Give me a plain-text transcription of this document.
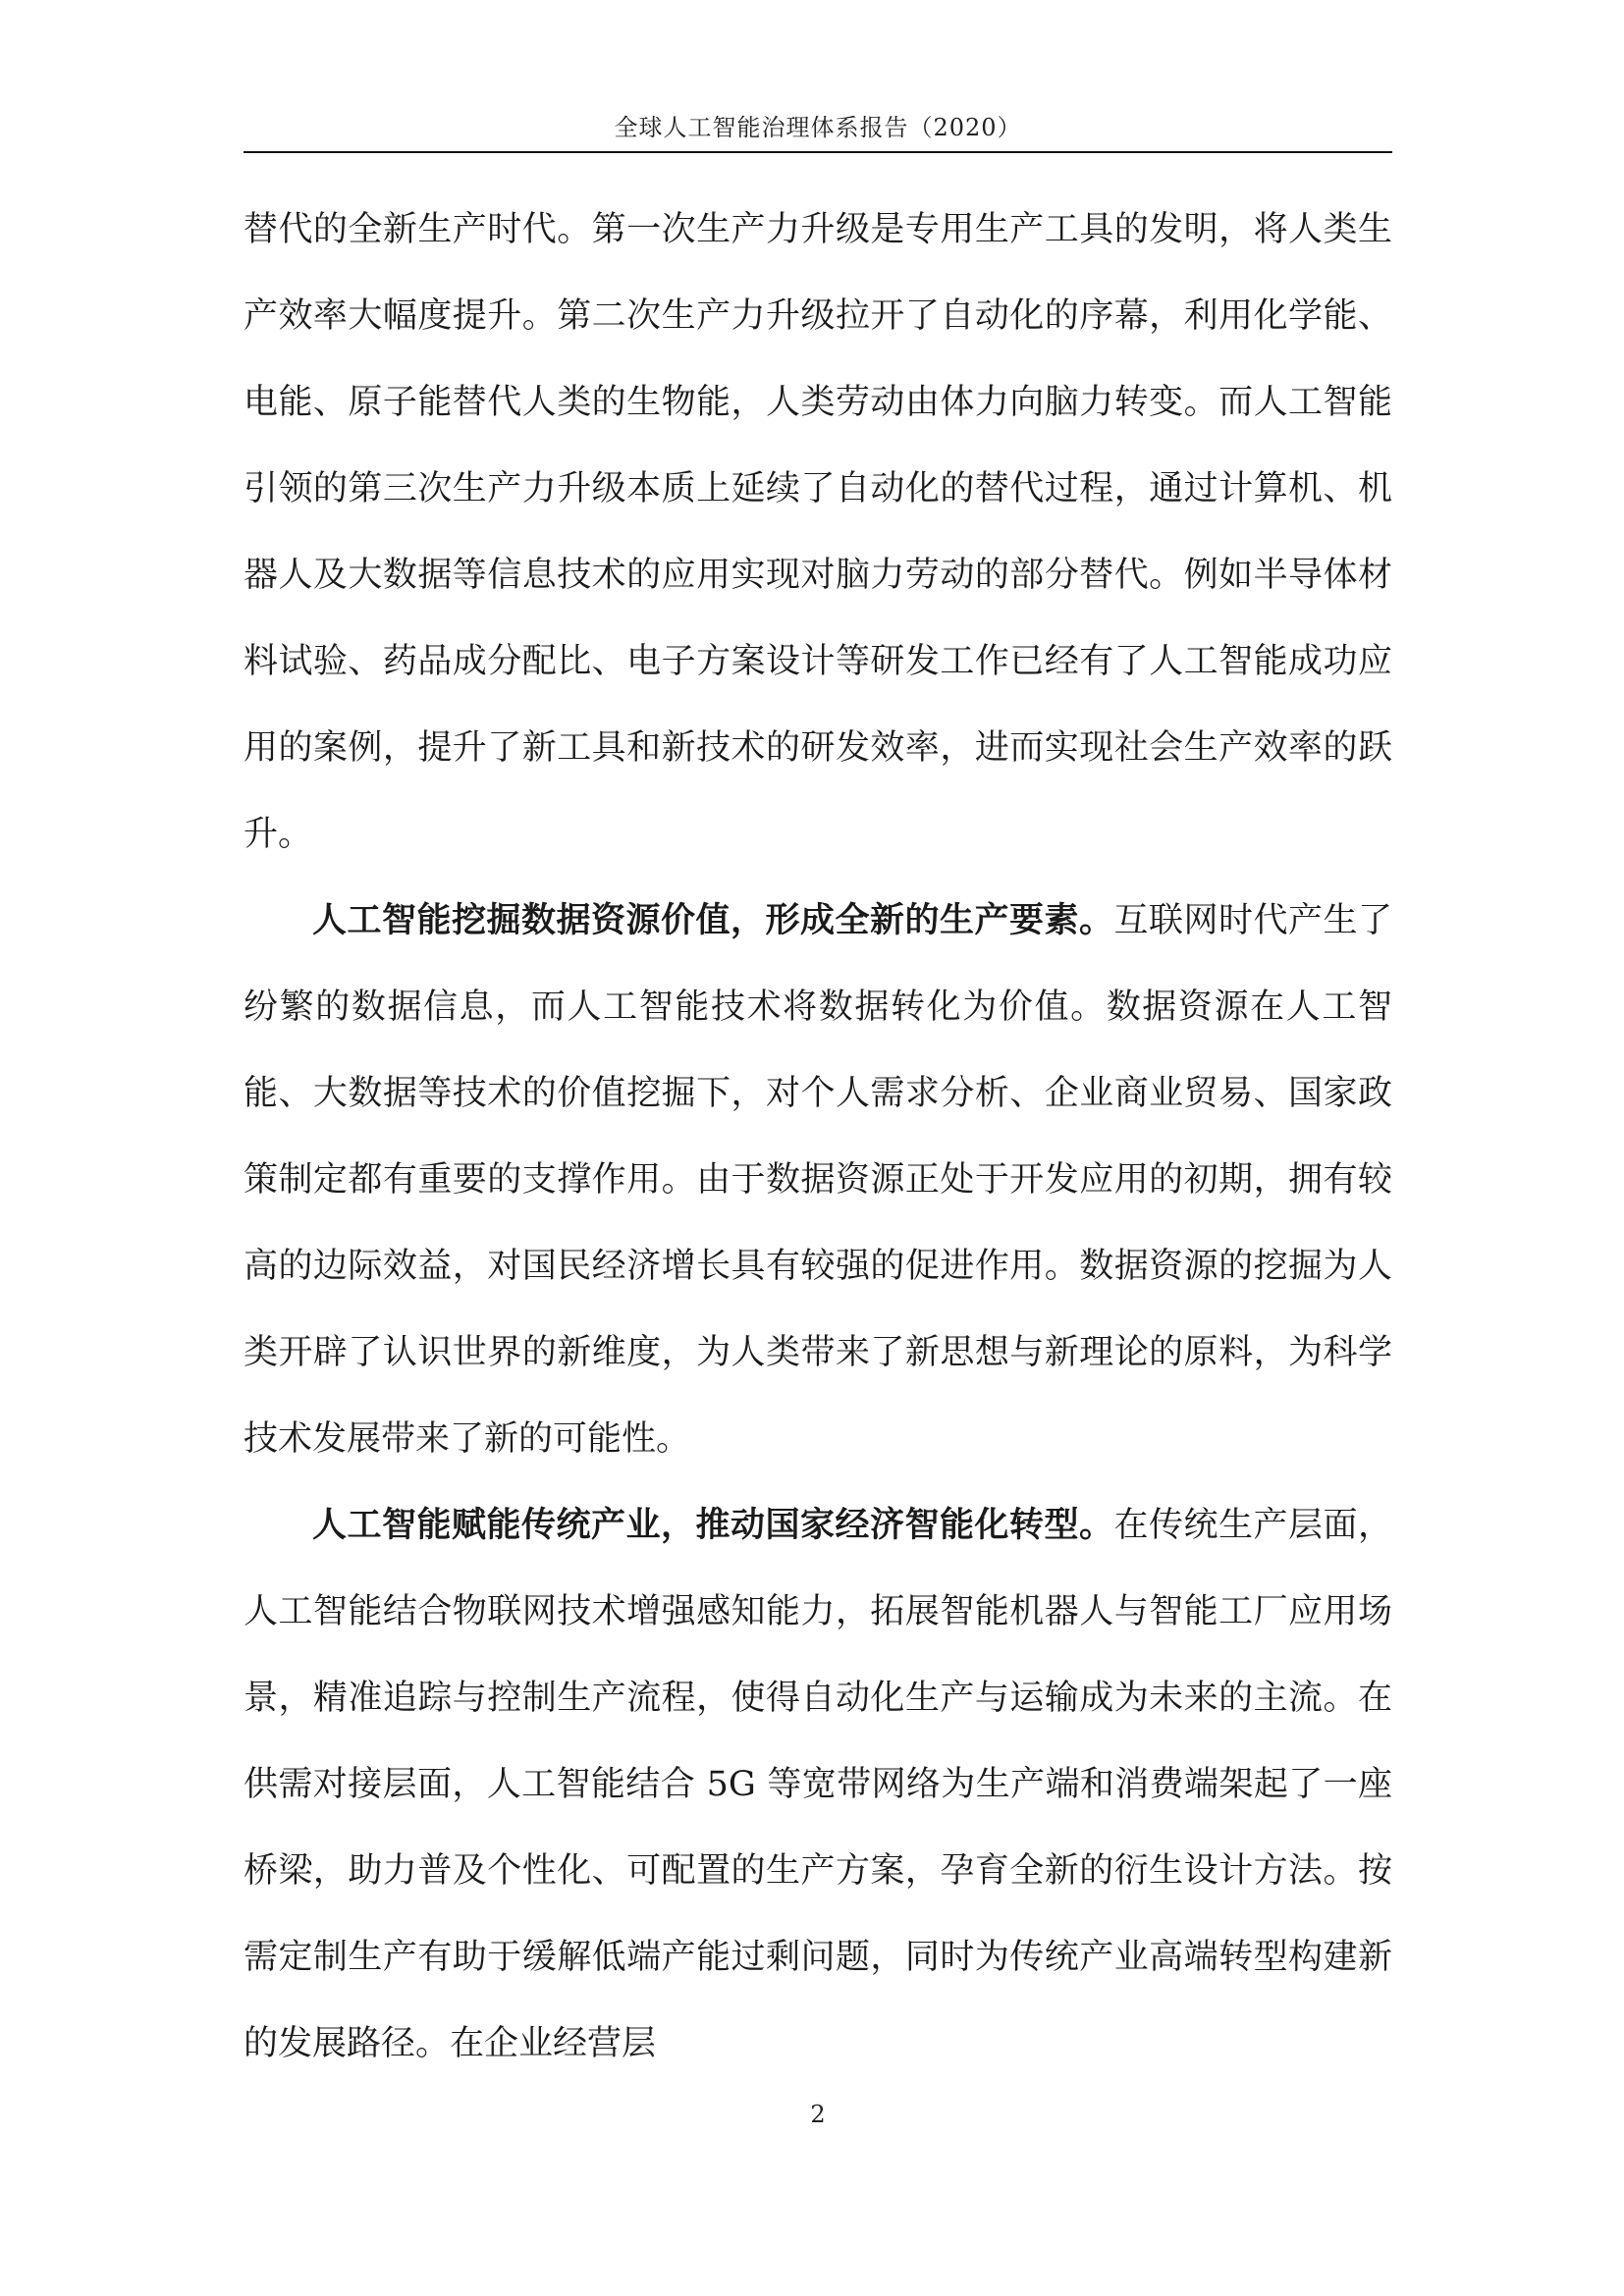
全球人工智能治理体系报告（2020）

替代的全新生产时代。第一次生产力升级是专用生产工具的发明，将人类生产效率大幅度提升。第二次生产力升级拉开了自动化的序幕，利用化学能、电能、原子能替代人类的生物能，人类劳动由体力向脑力转变。而人工智能引领的第三次生产力升级本质上延续了自动化的替代过程，通过计算机、机器人及大数据等信息技术的应用实现对脑力劳动的部分替代。例如半导体材料试验、药品成分配比、电子方案设计等研发工作已经有了人工智能成功应用的案例，提升了新工具和新技术的研发效率，进而实现社会生产效率的跃升。

人工智能挖掘数据资源价值，形成全新的生产要素。互联网时代产生了纷繁的数据信息，而人工智能技术将数据转化为价值。数据资源在人工智能、大数据等技术的价值挖掘下，对个人需求分析、企业商业贸易、国家政策制定都有重要的支撑作用。由于数据资源正处于开发应用的初期，拥有较高的边际效益，对国民经济增长具有较强的促进作用。数据资源的挖掘为人类开辟了认识世界的新维度，为人类带来了新思想与新理论的原料，为科学技术发展带来了新的可能性。

人工智能赋能传统产业，推动国家经济智能化转型。在传统生产层面，人工智能结合物联网技术增强感知能力，拓展智能机器人与智能工厂应用场景，精准追踪与控制生产流程，使得自动化生产与运输成为未来的主流。在供需对接层面，人工智能结合 5G 等宽带网络为生产端和消费端架起了一座桥梁，助力普及个性化、可配置的生产方案，孕育全新的衍生设计方法。按需定制生产有助于缓解低端产能过剩问题，同时为传统产业高端转型构建新的发展路径。在企业经营层

2
